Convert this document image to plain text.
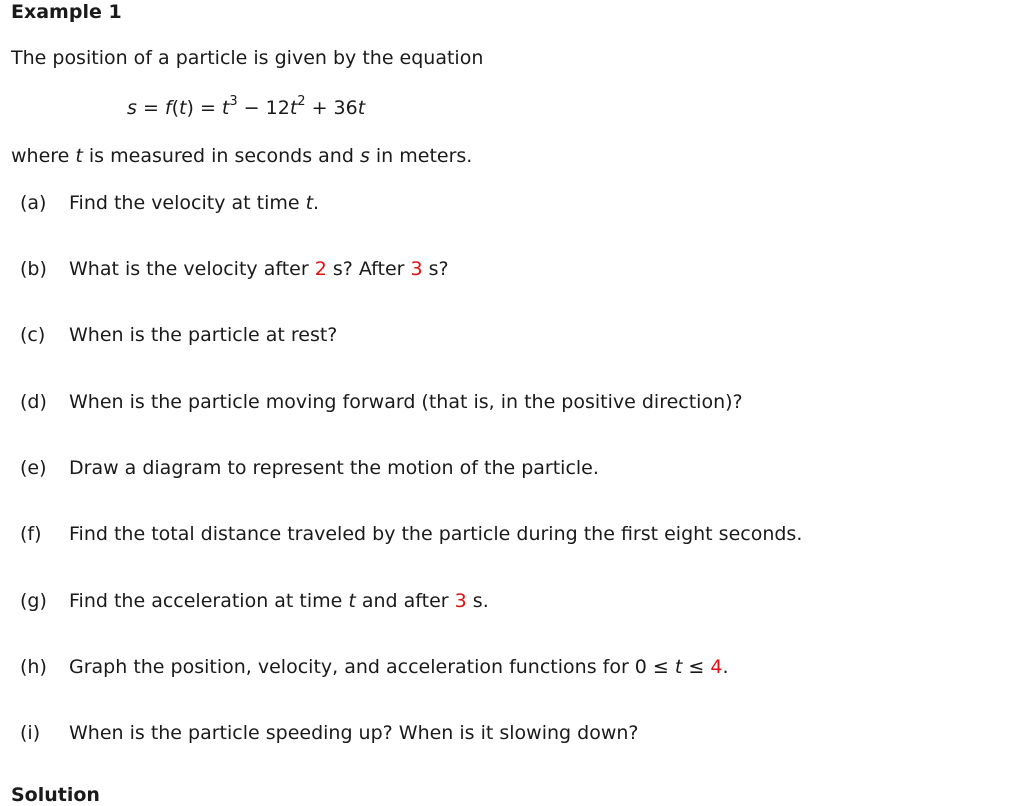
Example 1
The position of a particle is given by the equation
$s = f(t) = t^3 - 12t^2 + 36t$
where t is measured in seconds and s in meters.
(a) Find the velocity at time t.
(b) What is the velocity after 2 s? After 3 s?
(c) When is the particle at rest?
(d) When is the particle moving forward (that is, in the positive direction)?
(e) Draw a diagram to represent the motion of the particle.
(f) Find the total distance traveled by the particle during the first eight seconds.
(g) Find the acceleration at time t and after 3 s.
(h) Graph the position, velocity, and acceleration functions for 0 ≤ t ≤ 4.
(i) When is the particle speeding up? When is it slowing down?
Solution
